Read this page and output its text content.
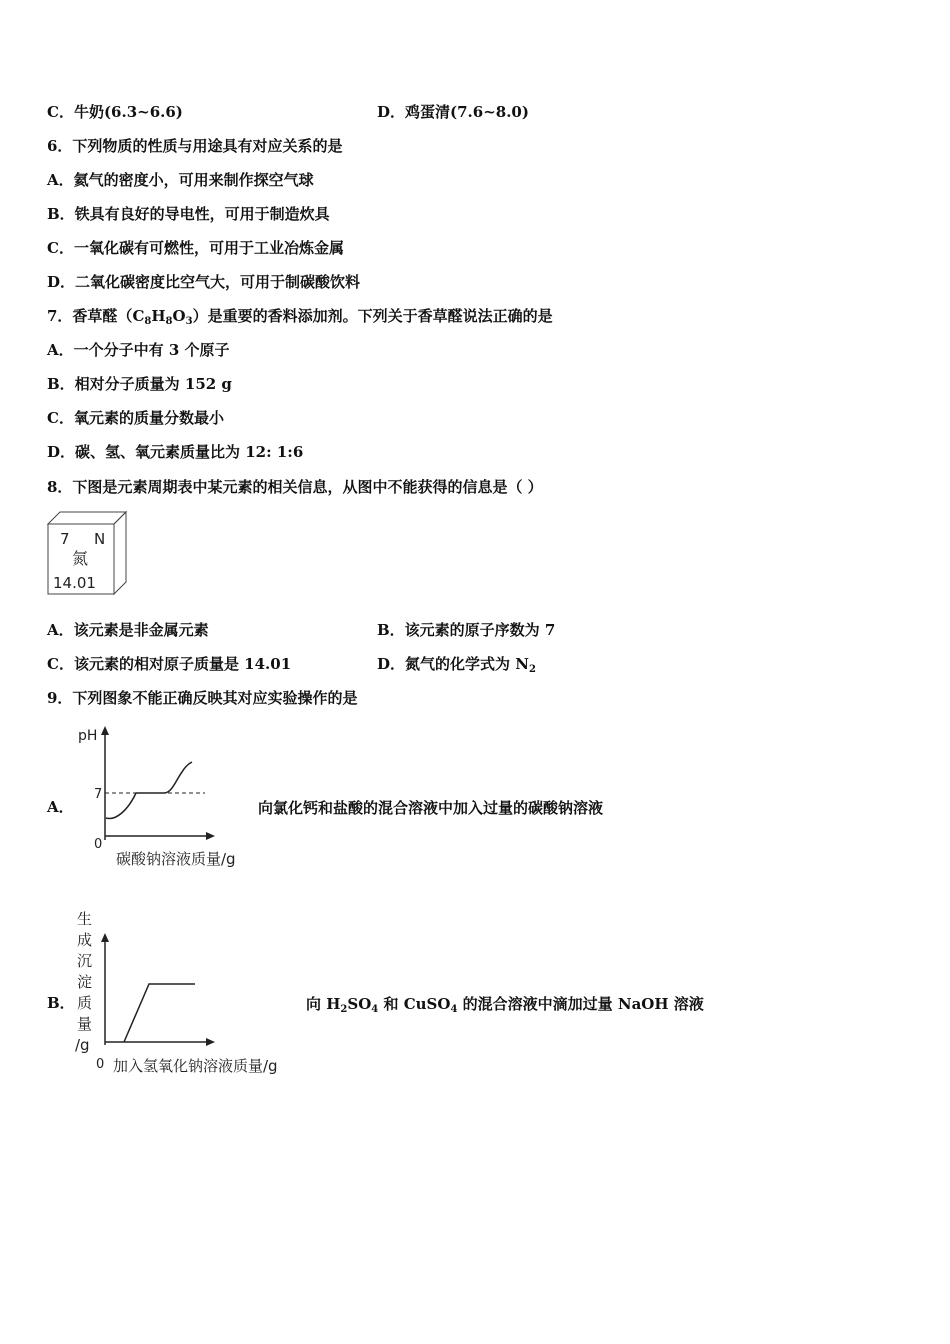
C．牛奶(6.3~6.6)	D．鸡蛋清(7.6~8.0)
6．下列物质的性质与用途具有对应关系的是
A．氦气的密度小，可用来制作探空气球
B．铁具有良好的导电性，可用于制造炊具
C．一氧化碳有可燃性，可用于工业冶炼金属
D．二氧化碳密度比空气大，可用于制碳酸饮料
7．香草醛$(C_8H_8O_3)$是重要的香料添加剂。下列关于香草醛说法正确的是
A．一个分子中有 3 个原子
B．相对分子质量为 152 g
C．氧元素的质量分数最小
D．碳、氢、氧元素质量比为 12: 1:6
8．下图是元素周期表中某元素的相关信息，从图中不能获得的信息是（ ）
7 N
氮
14.01
A．该元素是非金属元素	B．该元素的原子序数为 7
C．该元素的相对原子质量是 14.01	D．氮气的化学式为 $N_2$
9．下列图象不能正确反映其对应实验操作的是
A．
pH
7
0
碳酸钠溶液质量/g
向氯化钙和盐酸的混合溶液中加入过量的碳酸钠溶液
B．
生
成
沉
淀
质
量
/g
0 加入氢氧化钠溶液质量/g
向 $H_2SO_4$ 和 CuSO$_4$ 的混合溶液中滴加过量 NaOH 溶液
